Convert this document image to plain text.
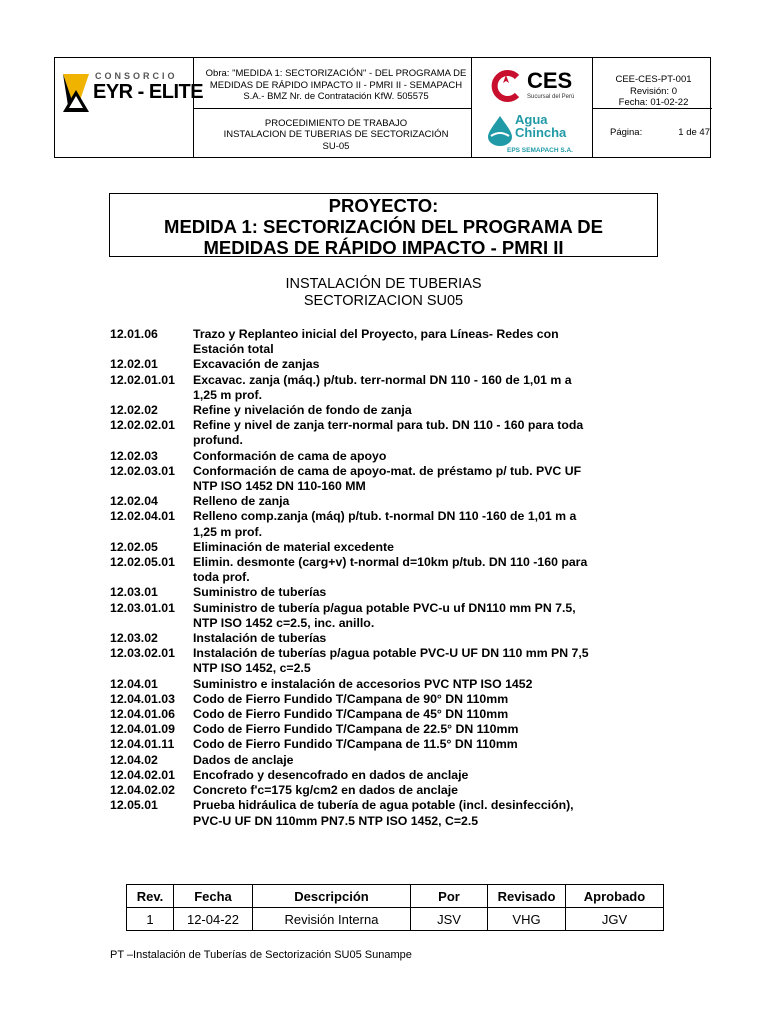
CONSORCIO
EYR - ELITE
Obra: "MEDIDA 1: SECTORIZACIÓN" - DEL PROGRAMA DE MEDIDAS DE RÁPIDO IMPACTO II - PMRI II - SEMAPACH S.A.- BMZ Nr. de Contratación KfW. 505575
PROCEDIMIENTO DE TRABAJO
INSTALACION DE TUBERIAS DE SECTORIZACIÓN
SU-05
CES
Sucursal del Perú
Agua
Chincha
EPS SEMAPACH S.A.
CEE-CES-PT-001
Revisión: 0
Fecha: 01-02-22
Página:	1 de 47
PROYECTO:
MEDIDA 1: SECTORIZACIÓN DEL PROGRAMA DE
MEDIDAS DE RÁPIDO IMPACTO - PMRI II
INSTALACIÓN DE TUBERIAS
SECTORIZACION SU05
12.01.06	Trazo y Replanteo inicial del Proyecto, para Líneas- Redes con
Estación total
12.02.01	Excavación de zanjas
12.02.01.01	Excavac. zanja (máq.) p/tub. terr-normal DN 110 - 160 de 1,01 m a
1,25 m prof.
12.02.02	Refine y nivelación de fondo de zanja
12.02.02.01	Refine y nivel de zanja terr-normal para tub. DN 110 - 160 para toda
profund.
12.02.03	Conformación de cama de apoyo
12.02.03.01	Conformación de cama de apoyo-mat. de préstamo p/ tub. PVC UF
NTP ISO 1452 DN 110-160 MM
12.02.04	Relleno de zanja
12.02.04.01	Relleno comp.zanja (máq) p/tub. t-normal DN 110 -160 de 1,01 m a
1,25 m prof.
12.02.05	Eliminación de material excedente
12.02.05.01	Elimin. desmonte (carg+v) t-normal d=10km p/tub. DN 110 -160 para
toda prof.
12.03.01	Suministro de tuberías
12.03.01.01	Suministro de tubería p/agua potable PVC-u uf DN110 mm PN 7.5,
NTP ISO 1452 c=2.5, inc. anillo.
12.03.02	Instalación de tuberías
12.03.02.01	Instalación de tuberías p/agua potable PVC-U UF DN 110 mm PN 7,5
NTP ISO 1452, c=2.5
12.04.01	Suministro e instalación de accesorios PVC NTP ISO 1452
12.04.01.03	Codo de Fierro Fundido T/Campana de 90° DN 110mm
12.04.01.06	Codo de Fierro Fundido T/Campana de 45° DN 110mm
12.04.01.09	Codo de Fierro Fundido T/Campana de 22.5° DN 110mm
12.04.01.11	Codo de Fierro Fundido T/Campana de 11.5° DN 110mm
12.04.02	Dados de anclaje
12.04.02.01	Encofrado y desencofrado en dados de anclaje
12.04.02.02	Concreto f'c=175 kg/cm2 en dados de anclaje
12.05.01	Prueba hidráulica de tubería de agua potable (incl. desinfección),
PVC-U UF DN 110mm PN7.5 NTP ISO 1452, C=2.5
Rev.	Fecha	Descripción	Por	Revisado	Aprobado
1	12-04-22	Revisión Interna	JSV	VHG	JGV
PT –Instalación de Tuberías de Sectorización SU05 Sunampe
